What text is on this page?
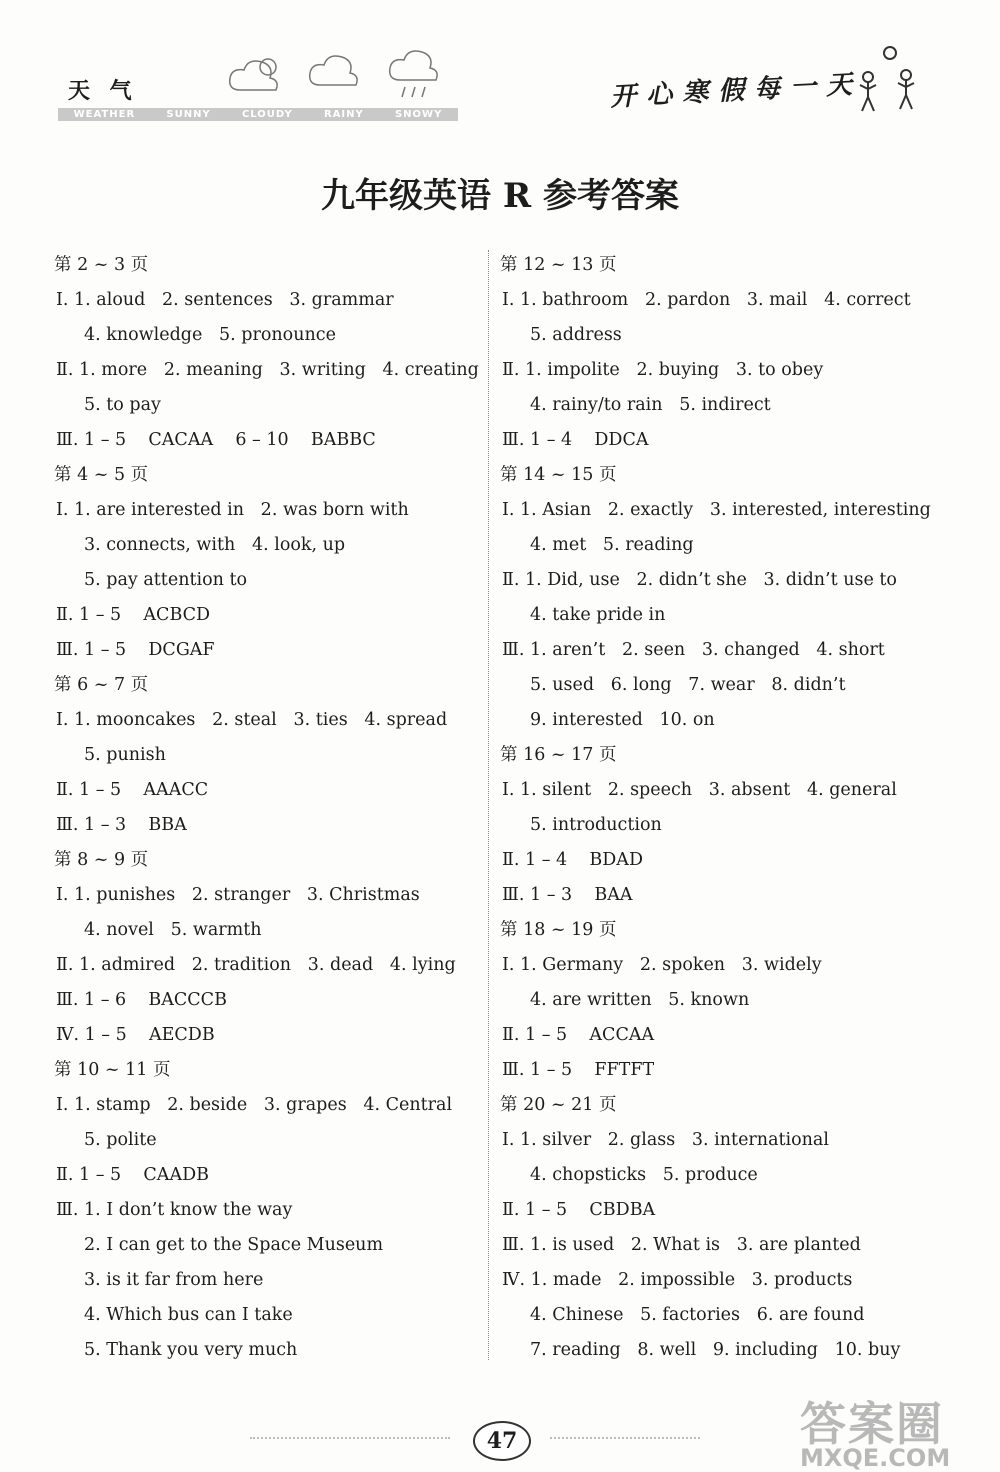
天 气
WEATHER	SUNNY	CLOUDY	RAINY	SNOWY
开心寒假每一天
九年级英语 R 参考答案
第 2 ~ 3 页
Ⅰ. 1. aloud   2. sentences   3. grammar
4. knowledge   5. pronounce
Ⅱ. 1. more   2. meaning   3. writing   4. creating
5. to pay
Ⅲ. 1 – 5    CACAA    6 – 10    BABBC
第 4 ~ 5 页
Ⅰ. 1. are interested in   2. was born with
3. connects, with   4. look, up
5. pay attention to
Ⅱ. 1 – 5    ACBCD
Ⅲ. 1 – 5    DCGAF
第 6 ~ 7 页
Ⅰ. 1. mooncakes   2. steal   3. ties   4. spread
5. punish
Ⅱ. 1 – 5    AAACC
Ⅲ. 1 – 3    BBA
第 8 ~ 9 页
Ⅰ. 1. punishes   2. stranger   3. Christmas
4. novel   5. warmth
Ⅱ. 1. admired   2. tradition   3. dead   4. lying
Ⅲ. 1 – 6    BACCCB
Ⅳ. 1 – 5    AECDB
第 10 ~ 11 页
Ⅰ. 1. stamp   2. beside   3. grapes   4. Central
5. polite
Ⅱ. 1 – 5    CAADB
Ⅲ. 1. I don’t know the way
2. I can get to the Space Museum
3. is it far from here
4. Which bus can I take
5. Thank you very much
第 12 ~ 13 页
Ⅰ. 1. bathroom   2. pardon   3. mail   4. correct
5. address
Ⅱ. 1. impolite   2. buying   3. to obey
4. rainy/to rain   5. indirect
Ⅲ. 1 – 4    DDCA
第 14 ~ 15 页
Ⅰ. 1. Asian   2. exactly   3. interested, interesting
4. met   5. reading
Ⅱ. 1. Did, use   2. didn’t she   3. didn’t use to
4. take pride in
Ⅲ. 1. aren’t   2. seen   3. changed   4. short
5. used   6. long   7. wear   8. didn’t
9. interested   10. on
第 16 ~ 17 页
Ⅰ. 1. silent   2. speech   3. absent   4. general
5. introduction
Ⅱ. 1 – 4    BDAD
Ⅲ. 1 – 3    BAA
第 18 ~ 19 页
Ⅰ. 1. Germany   2. spoken   3. widely
4. are written   5. known
Ⅱ. 1 – 5    ACCAA
Ⅲ. 1 – 5    FFTFT
第 20 ~ 21 页
Ⅰ. 1. silver   2. glass   3. international
4. chopsticks   5. produce
Ⅱ. 1 – 5    CBDBA
Ⅲ. 1. is used   2. What is   3. are planted
Ⅳ. 1. made   2. impossible   3. products
4. Chinese   5. factories   6. are found
7. reading   8. well   9. including   10. buy
47	答案圈
MXQE.COM
